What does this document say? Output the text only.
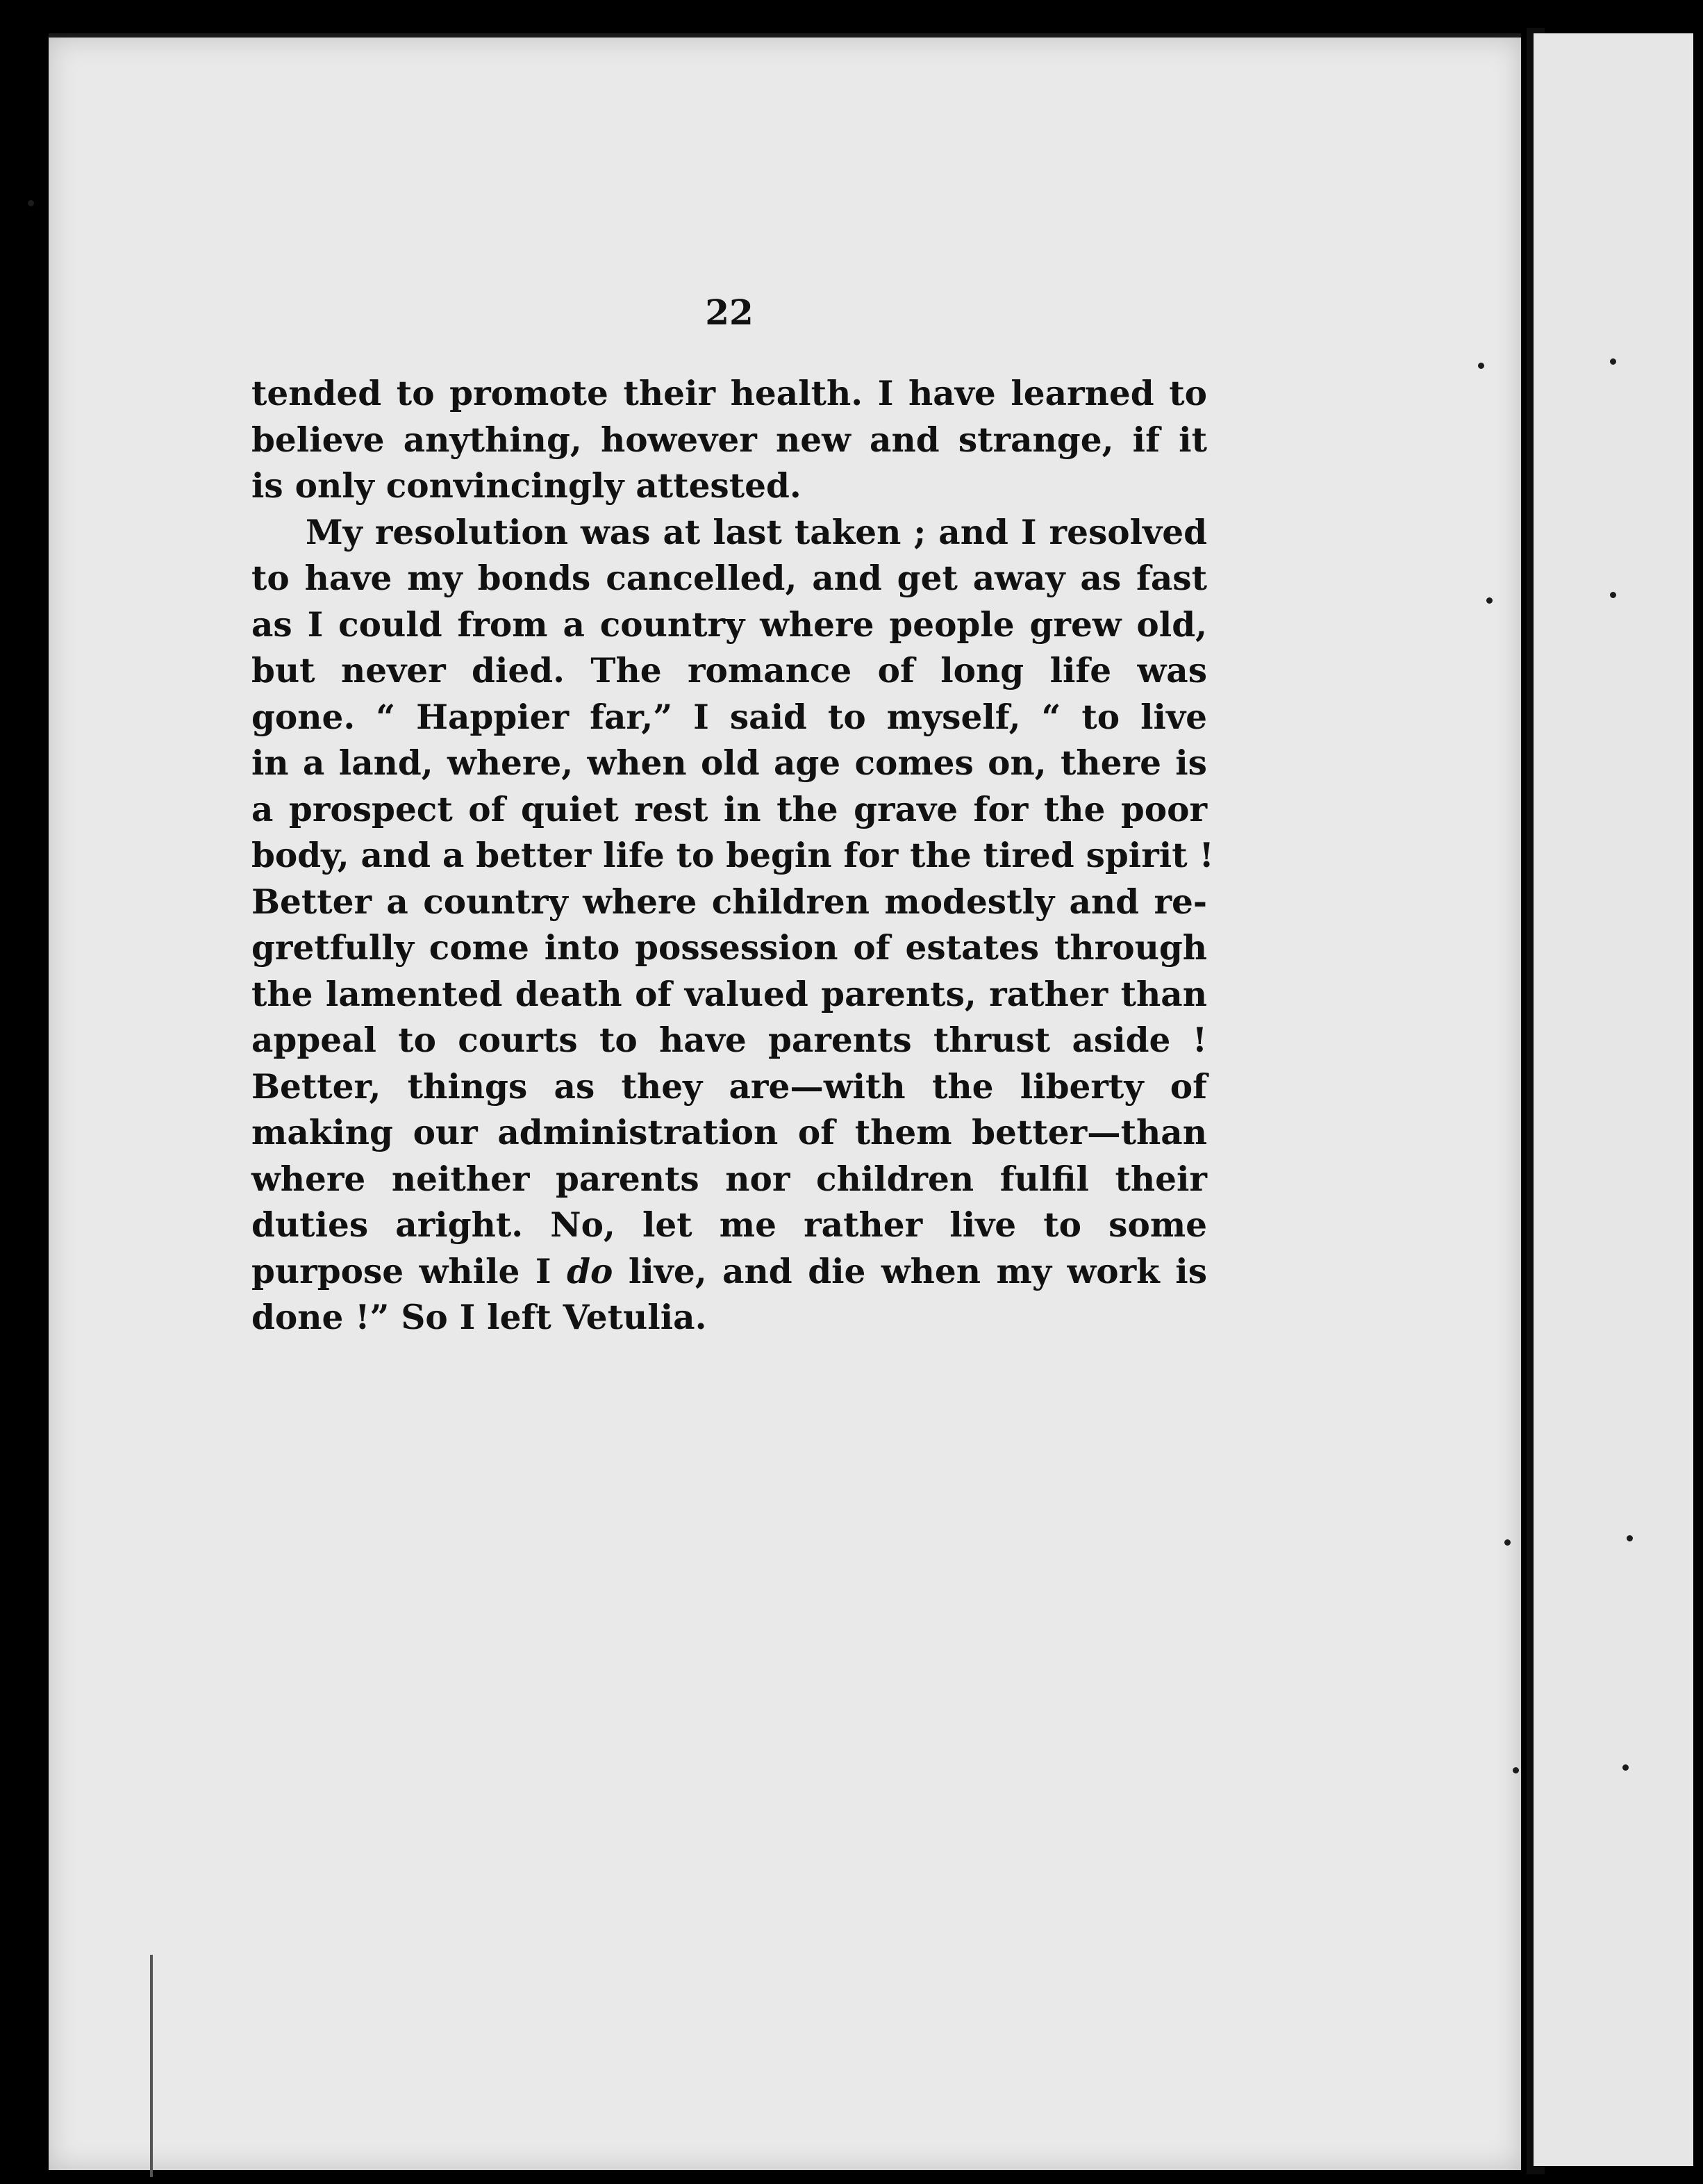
22
tended to promote their health. I have learned to
believe anything, however new and strange, if it
is only convincingly attested.
My resolution was at last taken ; and I resolved
to have my bonds cancelled, and get away as fast
as I could from a country where people grew old,
but never died. The romance of long life was
gone. “ Happier far,” I said to myself, “ to live
in a land, where, when old age comes on, there is
a prospect of quiet rest in the grave for the poor
body, and a better life to begin for the tired spirit !
Better a country where children modestly and re-
gretfully come into possession of estates through
the lamented death of valued parents, rather than
appeal to courts to have parents thrust aside !
Better, things as they are—with the liberty of
making our administration of them better—than
where neither parents nor children fulfil their
duties aright. No, let me rather live to some
purpose while I do live, and die when my work is
done !” So I left Vetulia.
